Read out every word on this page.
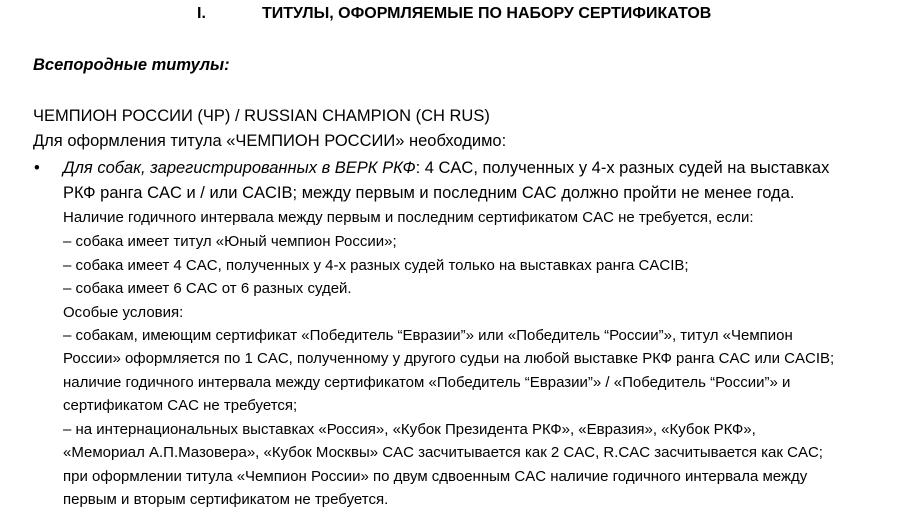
I.	ТИТУЛЫ, ОФОРМЛЯЕМЫЕ ПО НАБОРУ СЕРТИФИКАТОВ
Всепородные титулы:
ЧЕМПИОН РОССИИ (ЧР) / RUSSIAN CHAMPION (CH RUS)
Для оформления титула «ЧЕМПИОН РОССИИ» необходимо:
• Для собак, зарегистрированных в ВЕРК РКФ: 4 CAC, полученных у 4-х разных судей на выставках
РКФ ранга CAC и / или CACIB; между первым и последним CAC должно пройти не менее года.
Наличие годичного интервала между первым и последним сертификатом CAC не требуется, если:
– собака имеет титул «Юный чемпион России»;
– собака имеет 4 CAC, полученных у 4-х разных судей только на выставках ранга CACIB;
– собака имеет 6 CAC от 6 разных судей.
Особые условия:
– собакам, имеющим сертификат «Победитель “Евразии”» или «Победитель “России”», титул «Чемпион
России» оформляется по 1 CAC, полученному у другого судьи на любой выставке РКФ ранга CAC или CACIB;
наличие годичного интервала между сертификатом «Победитель “Евразии”» / «Победитель “России”» и
сертификатом CAC не требуется;
– на интернациональных выставках «Россия», «Кубок Президента РКФ», «Евразия», «Кубок РКФ»,
«Мемориал А.П.Мазовера», «Кубок Москвы» CAC засчитывается как 2 CAC, R.CAC засчитывается как CAC;
при оформлении титула «Чемпион России» по двум сдвоенным CAC наличие годичного интервала между
первым и вторым сертификатом не требуется.
